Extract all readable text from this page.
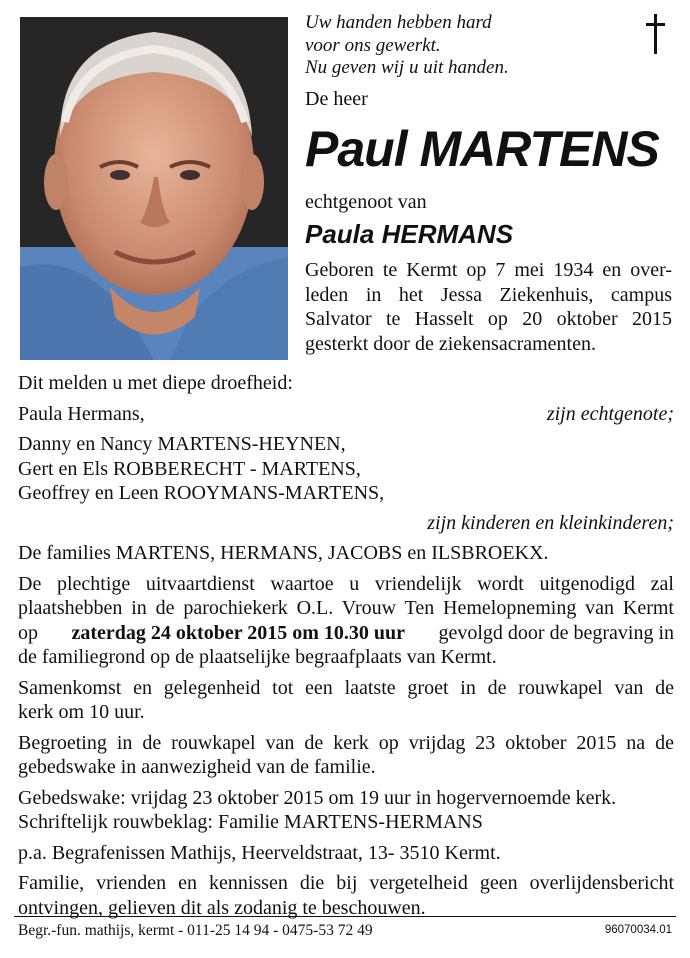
Uw handen hebben hard
voor ons gewerkt.
Nu geven wij u uit handen.
De heer
Paul MARTENS
echtgenoot van
Paula HERMANS
Geboren te Kermt op 7 mei 1934 en over-
leden in het Jessa Ziekenhuis, campus
Salvator te Hasselt op 20 oktober 2015
gesterkt door de ziekensacramenten.
Dit melden u met diepe droefheid:
Paula Hermans,	zijn echtgenote;
Danny en Nancy MARTENS-HEYNEN,
Gert en Els ROBBERECHT - MARTENS,
Geoffrey en Leen ROOYMANS-MARTENS,
zijn kinderen en kleinkinderen;
De families MARTENS, HERMANS, JACOBS en ILSBROEKX.
De plechtige uitvaartdienst waartoe u vriendelijk wordt uitgenodigd zal
plaatshebben in de parochiekerk O.L. Vrouw Ten Hemelopneming van Kermt
op zaterdag 24 oktober 2015 om 10.30 uur gevolgd door de begraving in
de familiegrond op de plaatselijke begraafplaats van Kermt.
Samenkomst en gelegenheid tot een laatste groet in de rouwkapel van de
kerk om 10 uur.
Begroeting in de rouwkapel van de kerk op vrijdag 23 oktober 2015 na de
gebedswake in aanwezigheid van de familie.
Gebedswake: vrijdag 23 oktober 2015 om 19 uur in hogervernoemde kerk.
Schriftelijk rouwbeklag: Familie MARTENS-HERMANS
p.a. Begrafenissen Mathijs, Heerveldstraat, 13- 3510 Kermt.
Familie, vrienden en kennissen die bij vergetelheid geen overlijdensbericht
ontvingen, gelieven dit als zodanig te beschouwen.
Begr.-fun. mathijs, kermt - 011-25 14 94 - 0475-53 72 49	96070034.01
